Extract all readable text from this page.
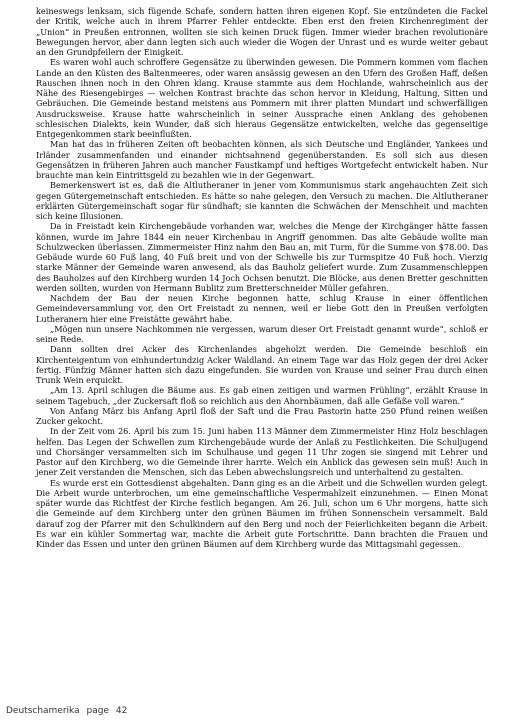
keineswegs lenksam, sich fügende Schafe, sondern hatten ihren eigenen Kopf. Sie entzündeten die Fackel der Kritik, welche auch in ihrem Pfarrer Fehler entdeckte. Eben erst den freien Kirchenregiment der „Union“ in Preußen entronnen, wollten sie sich keinen Druck fügen. Immer wieder brachen revolutionäre Bewegungen hervor, aber dann legten sich auch wieder die Wogen der Unrast und es wurde weiter gebaut an den Grundpfeilern der Einigkeit.

Es waren wohl auch schroffere Gegensätze zu überwinden gewesen. Die Pommern kommen vom flachen Lande an den Küsten des Baltenmeeres, oder waren ansässig gewesen an den Ufern des Großen Haff, deßen Rauschen ihnen noch in den Ohren klang. Krause stammte aus dem Hochlande, wahrscheinlich aus der Nähe des Riesengebirges — welchen Kontrast brachte das schon hervor in Kleidung, Haltung, Sitten und Gebräuchen. Die Gemeinde bestand meistens aus Pommern mit ihrer platten Mundart und schwerfälligen Ausdrucksweise. Krause hatte wahrscheinlich in seiner Aussprache einen Anklang des gehobenen schlesischen Dialekts, kein Wunder, daß sich hieraus Gegensätze entwickelten, welche das gegenseitige Entgegenkommen stark beeinflußten.

Man hat das in früheren Zeiten oft beobachten können, als sich Deutsche und Engländer, Yankees und Irländer zusammenfanden und einander nichtsahnend gegenüberstanden. Es soll sich aus diesen Gegensätzen in früheren Jahren auch mancher Faustkampf und heftiges Wortgefecht entwickelt haben. Nur brauchte man kein Eintrittsgeld zu bezahlen wie in der Gegenwart.

Bemerkenswert ist es, daß die Altlutheraner in jener vom Kommunismus stark angehauchten Zeit sich gegen Gütergemeinschaft entschieden. Es hätte so nahe gelegen, den Versuch zu machen. Die Altlutheraner erklärten Gütergemeinschaft sogar für sündhaft; sie kannten die Schwächen der Menschheit und machten sich keine Illusionen.

Da in Freistadt kein Kirchengebäude vorhanden war, welches die Menge der Kirchgänger hätte fassen können, wurde im Jahre 1844 ein neuer Kirchenbau in Angriff genommen. Das alte Gebäude wollte man Schulzwecken überlassen. Zimmermeister Hinz nahm den Bau an, mit Turm, für die Summe von $78.00. Das Gebäude wurde 60 Fuß lang, 40 Fuß breit und von der Schwelle bis zur Turmspitze 40 Fuß hoch. Vierzig starke Männer der Gemeinde waren anwesend, als das Bauholz geliefert wurde. Zum Zusammenschleppen des Bauholzes auf den Kirchberg wurden 14 Joch Ochsen benutzt. Die Blöcke, aus denen Bretter geschnitten werden sollten, wurden von Hermann Bublitz zum Bretterschneider Müller gefahren.

Nachdem der Bau der neuen Kirche begonnen hatte, schlug Krause in einer öffentlichen Gemeindeversammlung vor, den Ort Freistadt zu nennen, weil er liebe Gott den in Preußen verfolgten Lutheranern hier eine Freistätte gewährt habe.

„Mögen nun unsere Nachkommen nie vergessen, warum dieser Ort Freistadt genannt wurde“, schloß er seine Rede.

Dann sollten drei Acker des Kirchenlandes abgeholzt werden. Die Gemeinde beschloß ein Kirchenteigentum von einhundertundzig Acker Waldland. An einem Tage war das Holz gegen der drei Acker fertig. Fünfzig Männer hatten sich dazu eingefunden. Sie wurden von Krause und seiner Frau durch einen Trunk Wein erquickt.

„Am 13. April schlugen die Bäume aus. Es gab einen zeitigen und warmen Frühling“, erzählt Krause in seinem Tagebuch, „der Zuckersaft floß so reichlich aus den Ahornbäumen, daß alle Gefäße voll waren.“

Von Anfang März bis Anfang April floß der Saft und die Frau Pastorin hatte 250 Pfund reinen weißen Zucker gekocht.

In der Zeit vom 26. April bis zum 15. Juni haben 113 Männer dem Zimmermeister Hinz Holz beschlagen helfen. Das Legen der Schwellen zum Kirchengebäude wurde der Anlaß zu Festlichkeiten. Die Schuljugend und Chorsänger versammelten sich im Schulhause und gegen 11 Uhr zogen sie singend mit Lehrer und Pastor auf den Kirchberg, wo die Gemeinde ihrer harrte. Welch ein Anblick das gewesen sein muß! Auch in jener Zeit verstanden die Menschen, sich das Leben abwechslungsreich und unterhaltend zu gestalten.

Es wurde erst ein Gottesdienst abgehalten. Dann ging es an die Arbeit und die Schwellen wurden gelegt. Die Arbeit wurde unterbrochen, um eine gemeinschaftliche Vespermahlzeit einzunehmen. — Einen Monat später wurde das Richtfest der Kirche festlich begangen. Am 26. Juli, schon um 6 Uhr morgens, hatte sich die Gemeinde auf dem Kirchberg unter den grünen Bäumen im frühen Sonnenschein versammelt. Bald darauf zog der Pfarrer mit den Schulkindern auf den Berg und noch der Feierlichkeiten begann die Arbeit. Es war ein kühler Sommertag war, machte die Arbeit gute Fortschritte. Dann brachten die Frauen und Kinder das Essen und unter den grünen Bäumen auf dem Kirchberg wurde das Mittagsmahl gegessen.

Deutschamerika page 42
